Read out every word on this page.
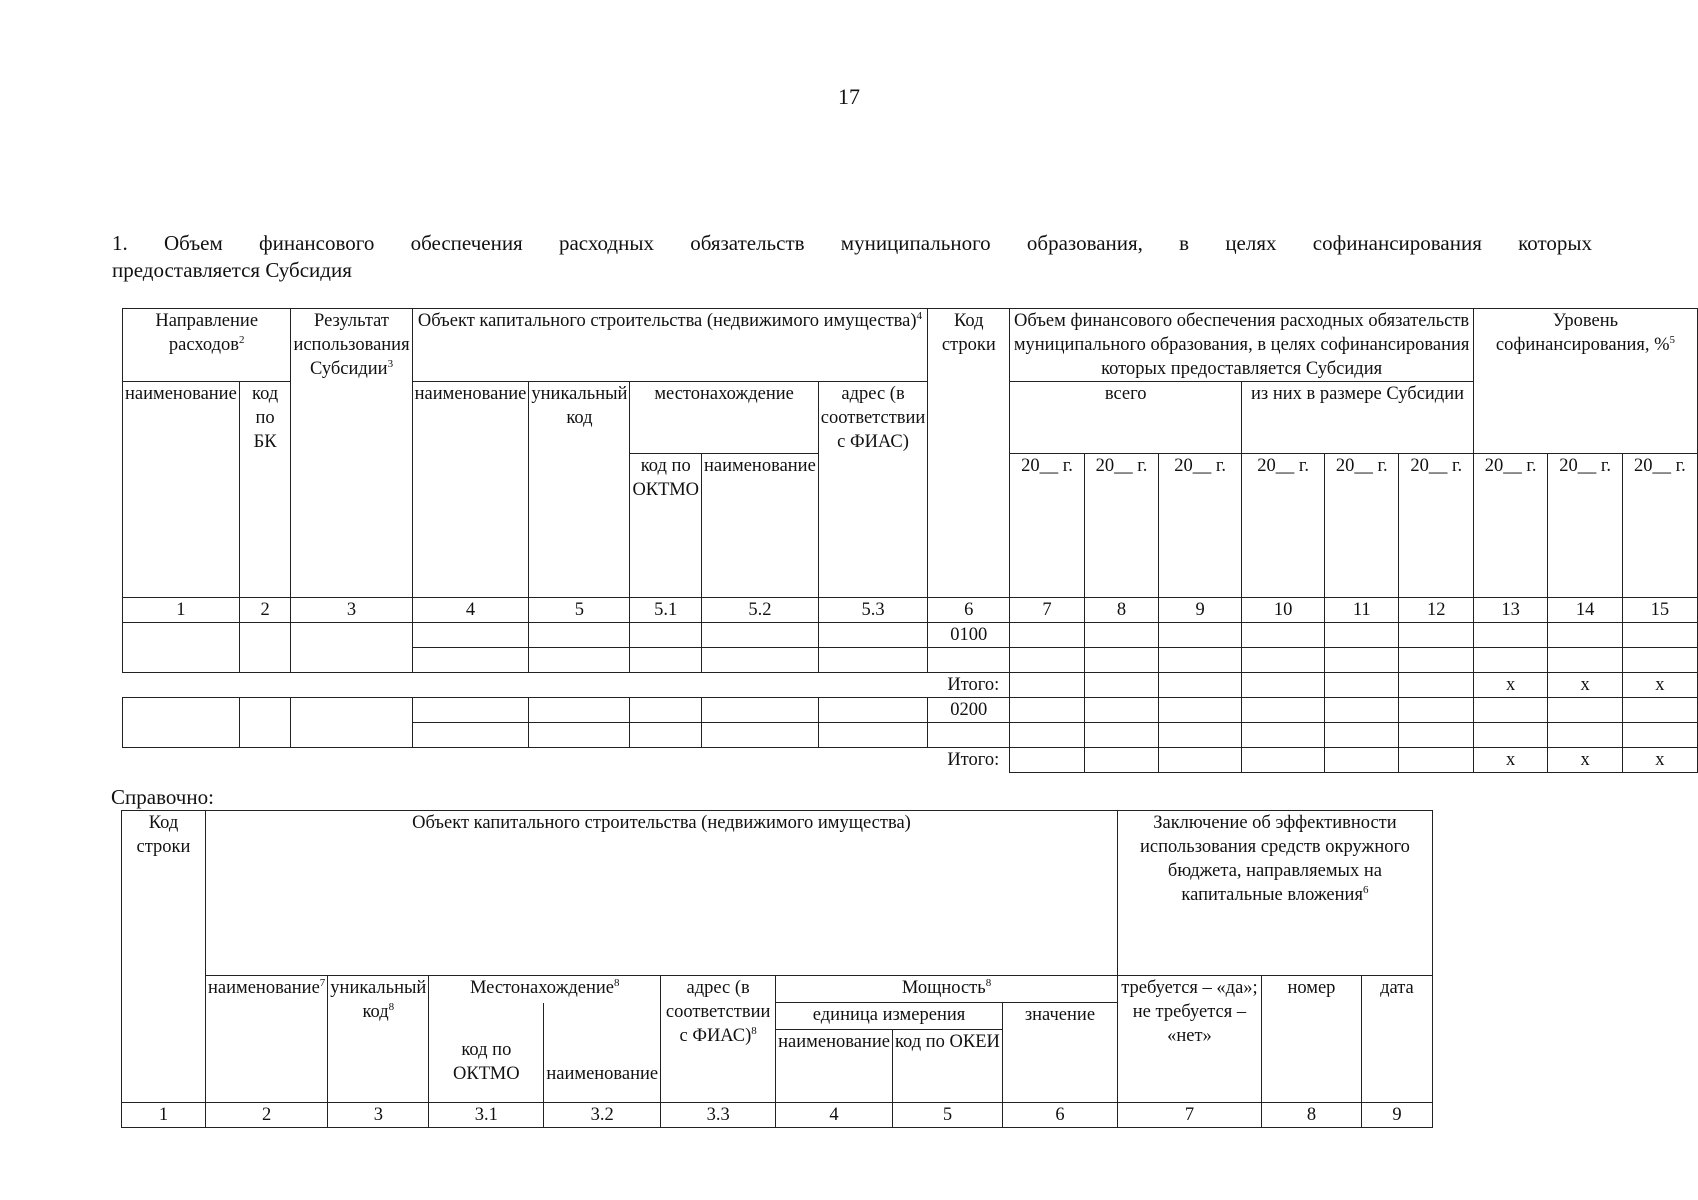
17
1. Объем финансового обеспечения расходных обязательств муниципального образования, в целях софинансирования которых
предоставляется Субсидия
Направление расходов$^2$		Результат использования Субсидии$^3$	Объект капитального строительства (недвижимого имущества)$^4$					Код строки	Объем финансового обеспечения расходных обязательств муниципального образования, в целях софинансирования которых предоставляется Субсидия						Уровень софинансирования, %$^5$
наименование	код по БК		наименование	уникальный код	местонахождение		адрес (в соответствии с ФИАС)		всего			из них в размере Субсидии					
					код по ОКТМО	наименование			20__ г.	20__ г.	20__ г.	20__ г.	20__ г.	20__ г.	20__ г.	20__ г.	20__ г.
1	2	3	4	5	5.1	5.2	5.3	6	7	8	9	10	11	12	13	14	15
								0100									

Итого:															x	x	x
								0200									

Итого:															x	x	x
Справочно:
Код строки	Объект капитального строительства (недвижимого имущества)								Заключение об эффективности использования средств окружного бюджета, направляемых на капитальные вложения$^6$
	наименование$^7$	уникальный код$^8$	Местонахождение$^8$		адрес (в соответствии с ФИАС)$^8$	Мощность$^8$			требуется – «да»; не требуется – «нет»	номер	дата
			код по ОКТМО	наименование		единица измерения		значение			
						наименование	код по ОКЕИ				
1	2	3	3.1	3.2	3.3	4	5	6	7	8	9
